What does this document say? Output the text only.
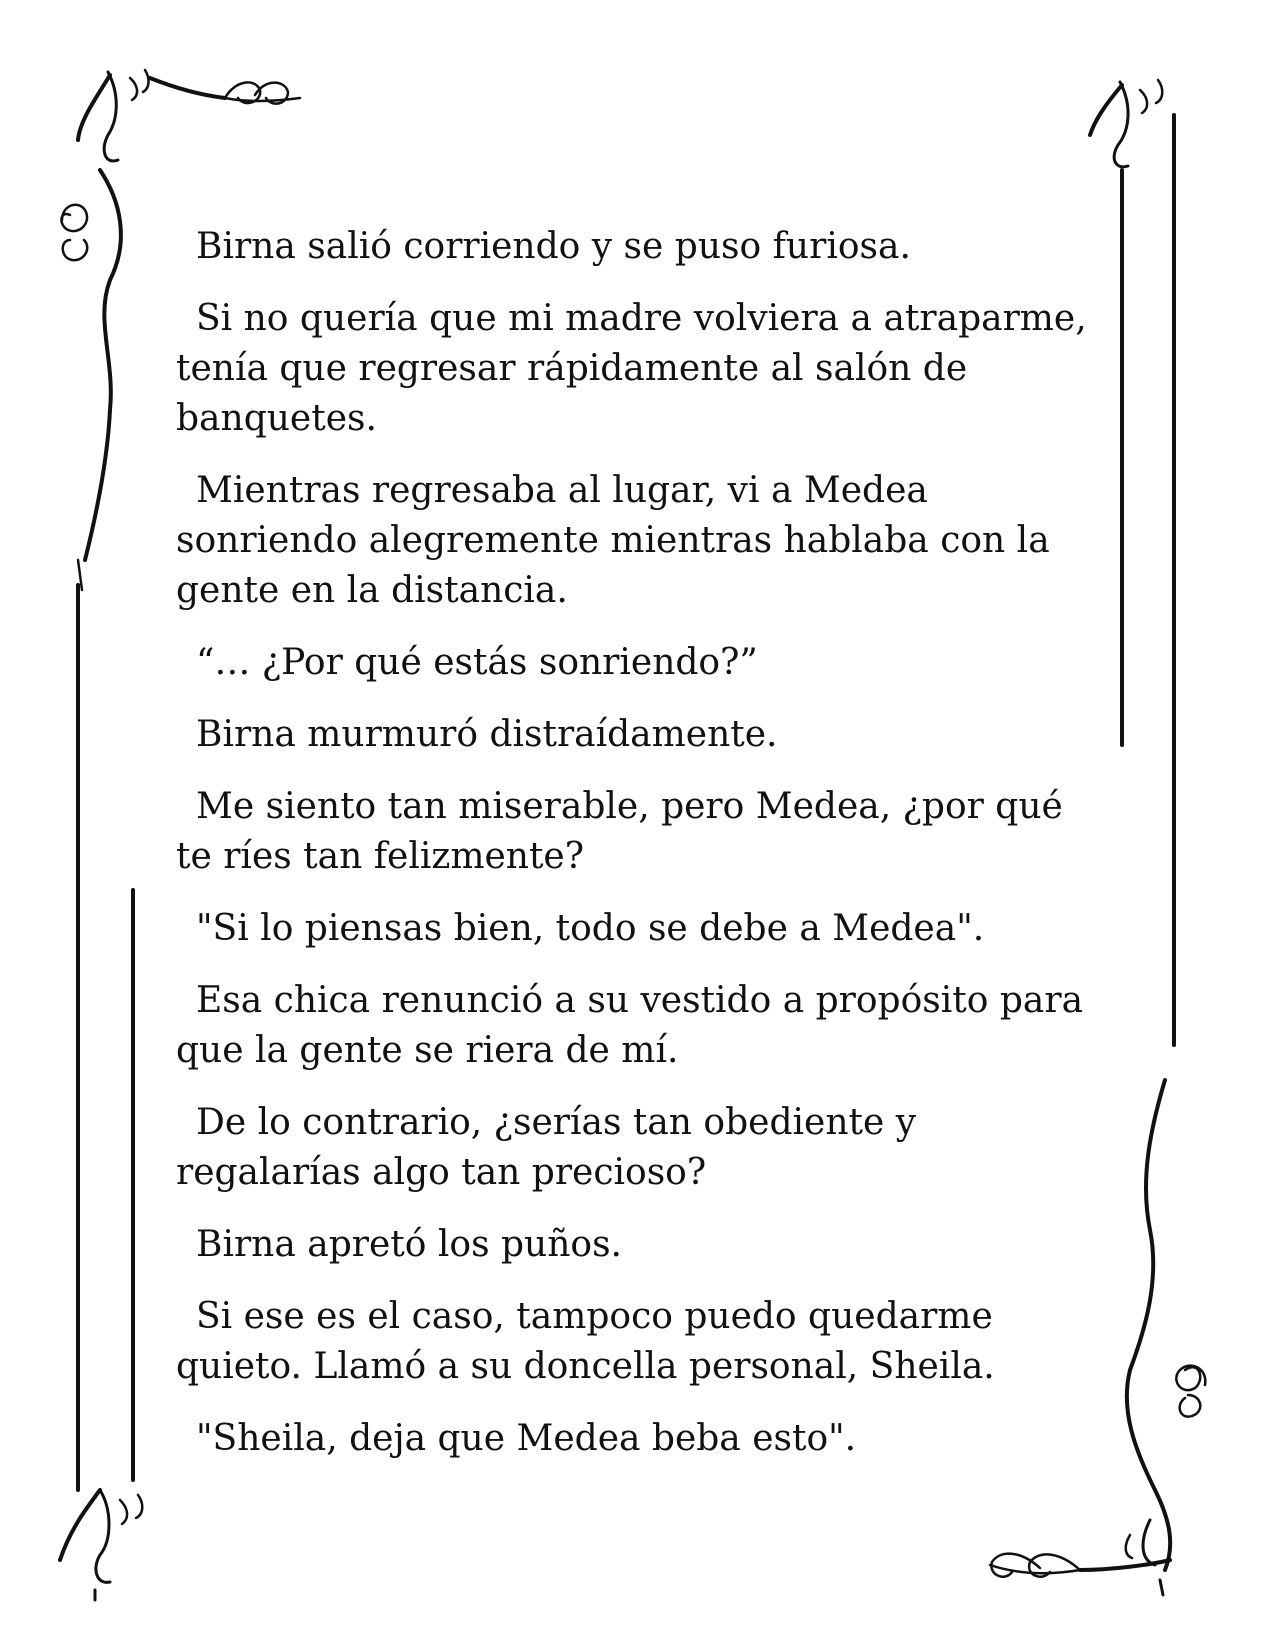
Birna salió corriendo y se puso furiosa.

Si no quería que mi madre volviera a atraparme, tenía que regresar rápidamente al salón de banquetes.

Mientras regresaba al lugar, vi a Medea sonriendo alegremente mientras hablaba con la gente en la distancia.

“… ¿Por qué estás sonriendo?”

Birna murmuró distraídamente.

Me siento tan miserable, pero Medea, ¿por qué te ríes tan felizmente?

"Si lo piensas bien, todo se debe a Medea".

Esa chica renunció a su vestido a propósito para que la gente se riera de mí.

De lo contrario, ¿serías tan obediente y regalarías algo tan precioso?

Birna apretó los puños.

Si ese es el caso, tampoco puedo quedarme quieto. Llamó a su doncella personal, Sheila.

"Sheila, deja que Medea beba esto".
